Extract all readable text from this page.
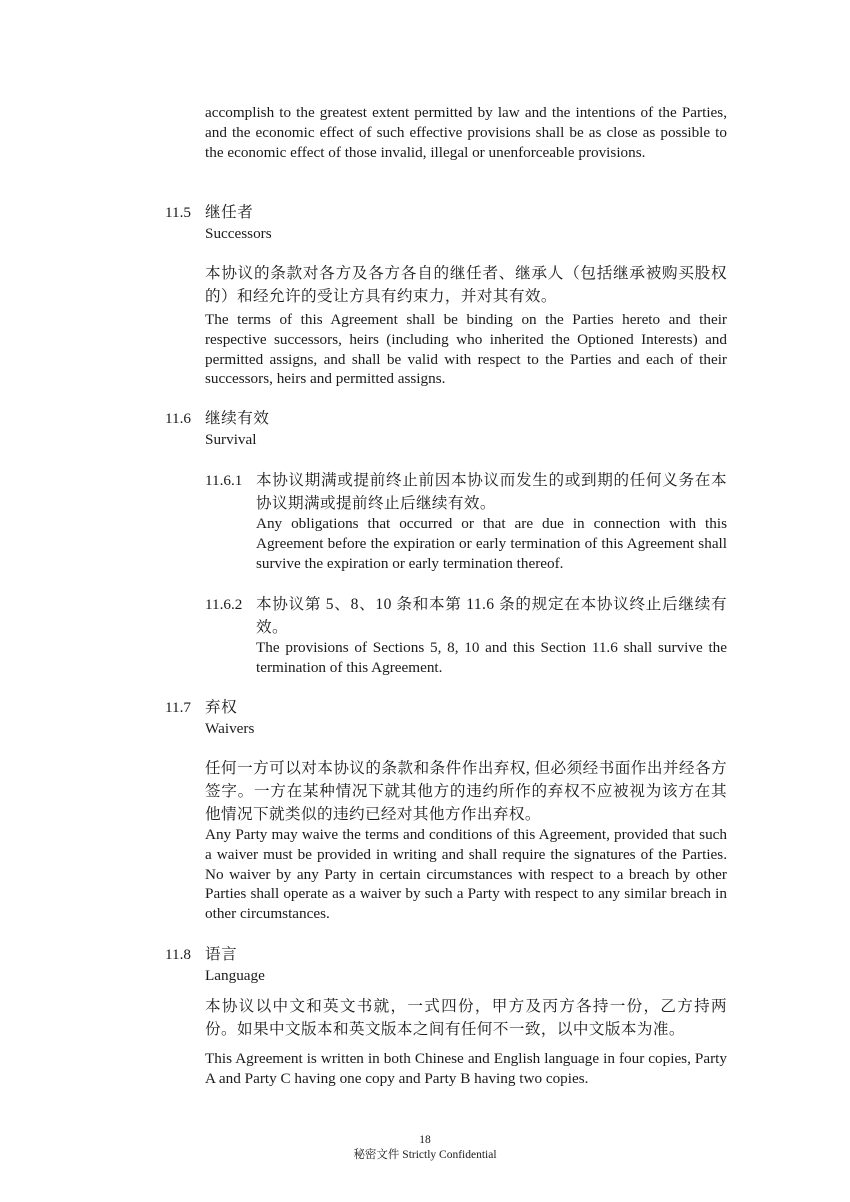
accomplish to the greatest extent permitted by law and the intentions of the Parties, and the economic effect of such effective provisions shall be as close as possible to the economic effect of those invalid, illegal or unenforceable provisions.
11.5 继任者
Successors
本协议的条款对各方及各方各自的继任者、继承人（包括继承被购买股权的）和经允许的受让方具有约束力，并对其有效。
The terms of this Agreement shall be binding on the Parties hereto and their respective successors, heirs (including who inherited the Optioned Interests) and permitted assigns, and shall be valid with respect to the Parties and each of their successors, heirs and permitted assigns.
11.6 继续有效
Survival
11.6.1 本协议期满或提前终止前因本协议而发生的或到期的任何义务在本协议期满或提前终止后继续有效。
Any obligations that occurred or that are due in connection with this Agreement before the expiration or early termination of this Agreement shall survive the expiration or early termination thereof.
11.6.2 本协议第 5、8、10 条和本第 11.6 条的规定在本协议终止后继续有效。
The provisions of Sections 5, 8, 10 and this Section 11.6 shall survive the termination of this Agreement.
11.7 弃权
Waivers
任何一方可以对本协议的条款和条件作出弃权, 但必须经书面作出并经各方签字。一方在某种情况下就其他方的违约所作的弃权不应被视为该方在其他情况下就类似的违约已经对其他方作出弃权。
Any Party may waive the terms and conditions of this Agreement, provided that such a waiver must be provided in writing and shall require the signatures of the Parties. No waiver by any Party in certain circumstances with respect to a breach by other Parties shall operate as a waiver by such a Party with respect to any similar breach in other circumstances.
11.8 语言
Language
本协议以中文和英文书就，一式四份，甲方及丙方各持一份，乙方持两份。如果中文版本和英文版本之间有任何不一致，以中文版本为准。
This Agreement is written in both Chinese and English language in four copies, Party A and Party C having one copy and Party B having two copies.
18
秘密文件 Strictly Confidential
